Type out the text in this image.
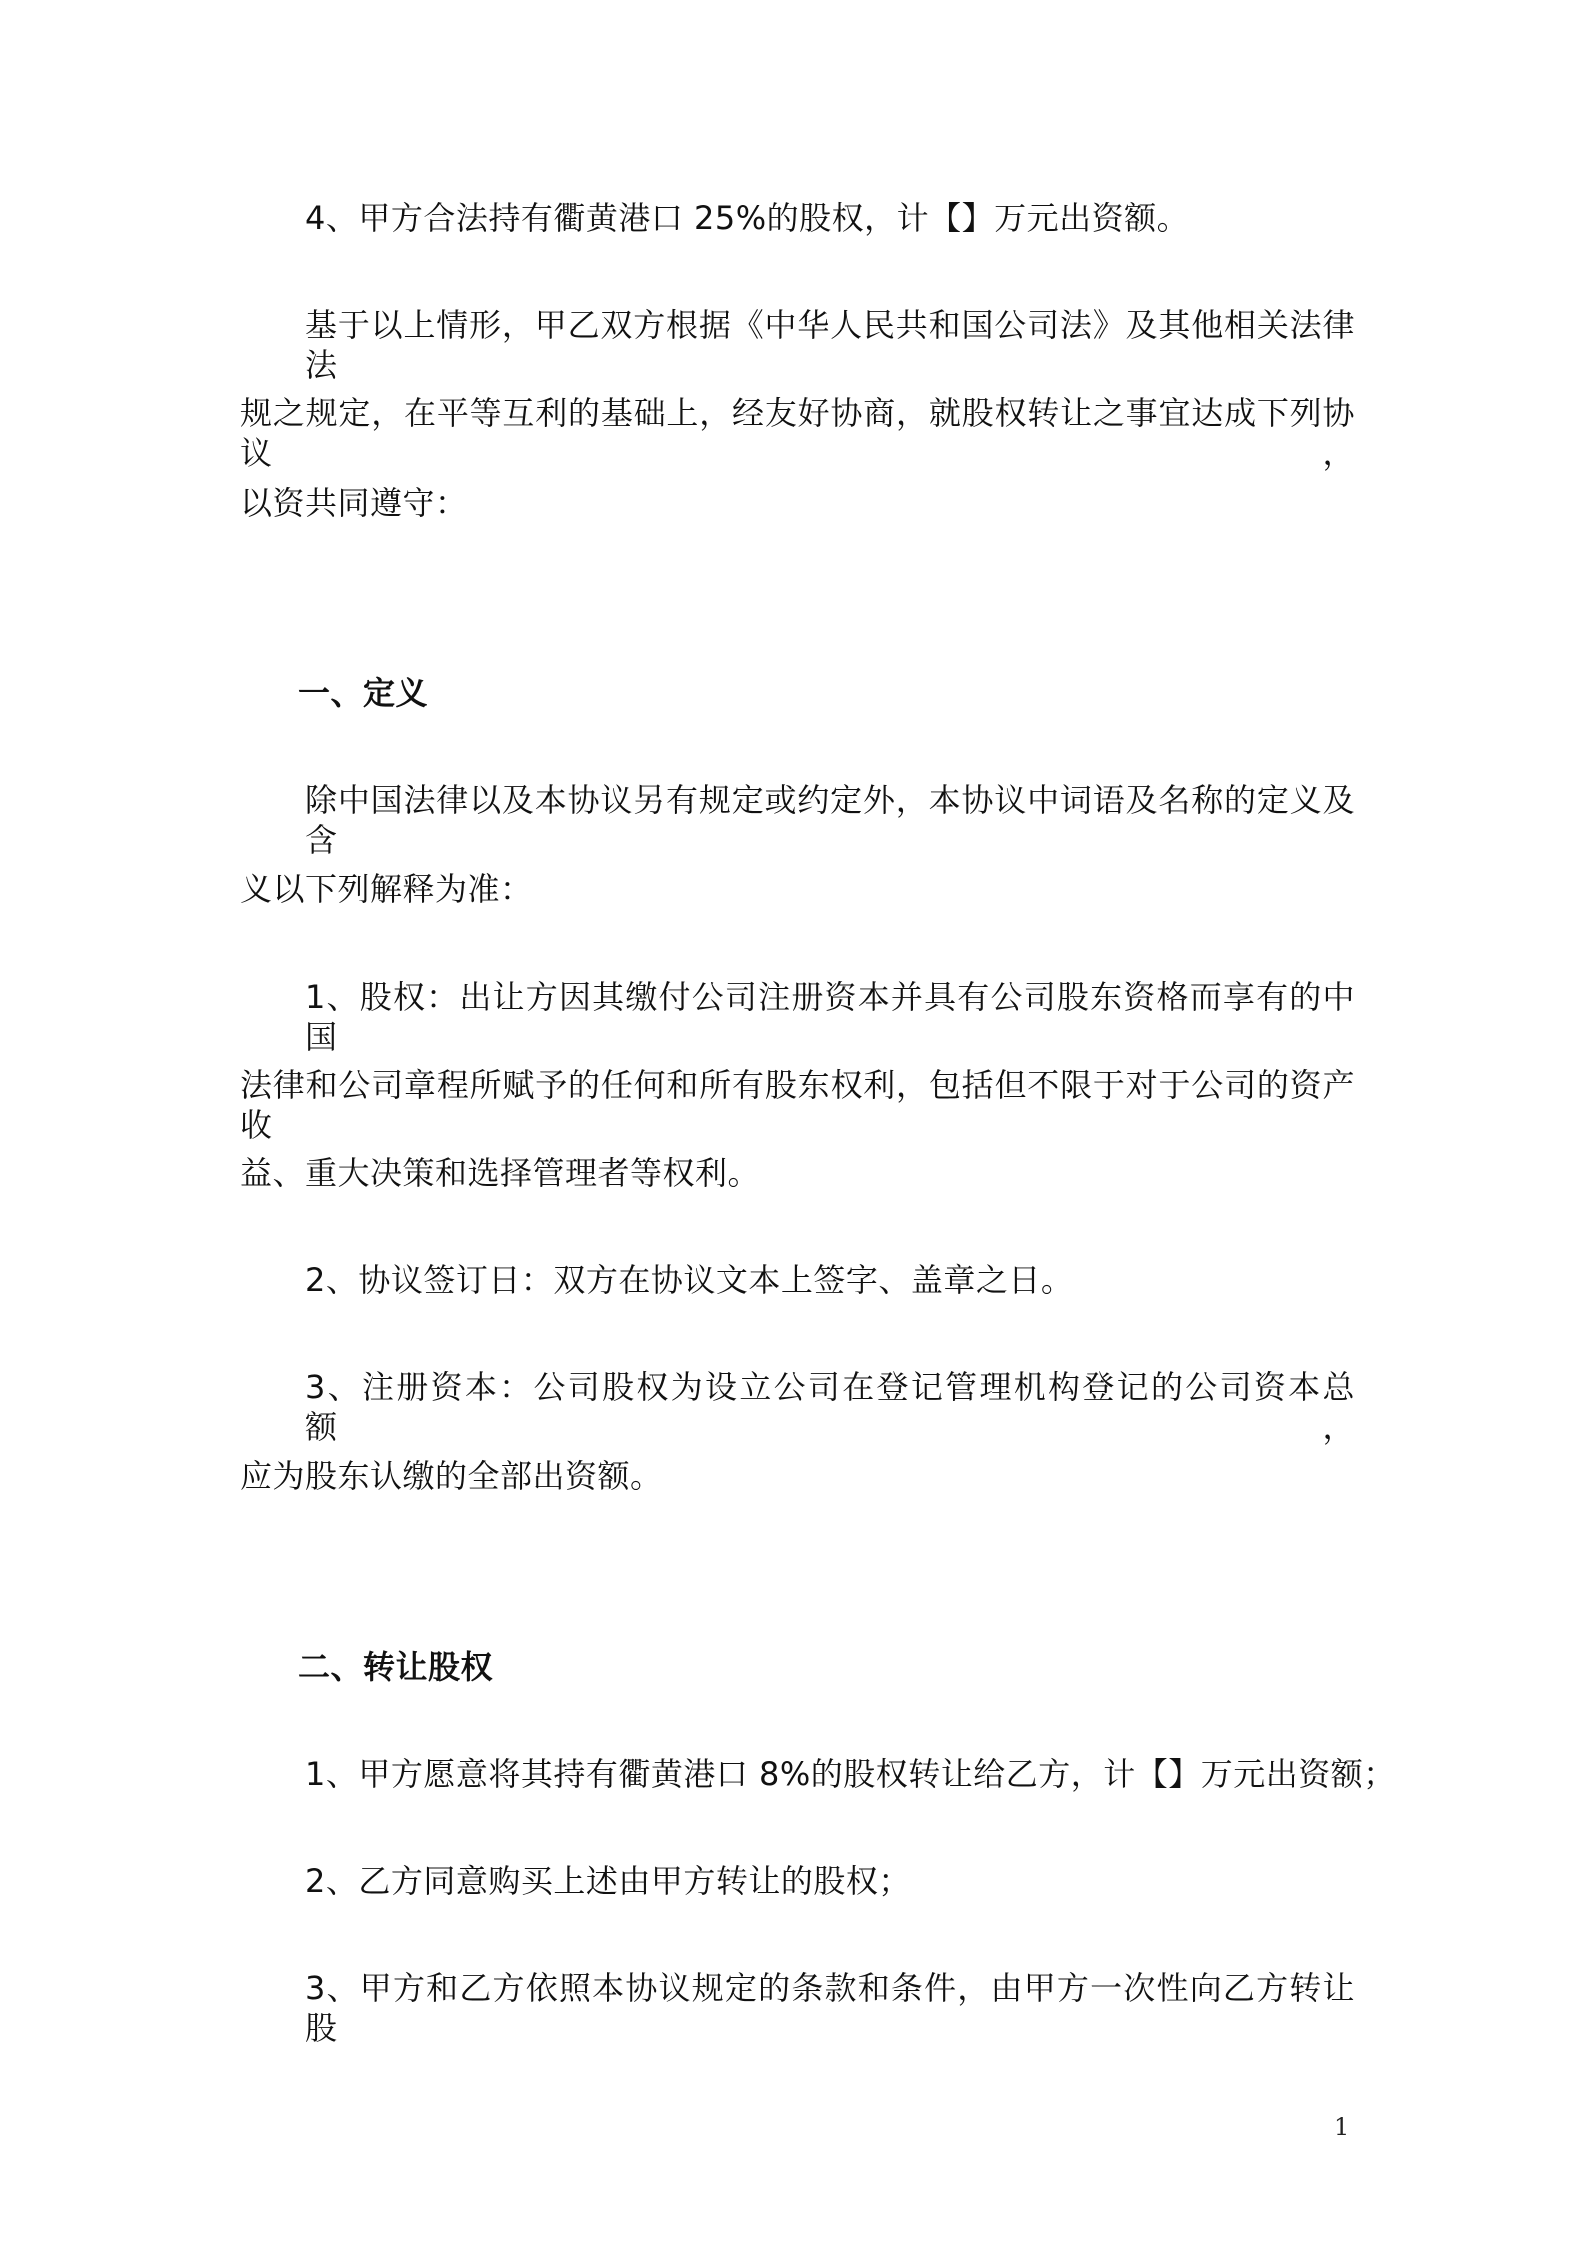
4、甲方合法持有衢黄港口 25%的股权，计【】万元出资额。
基于以上情形，甲乙双方根据《中华人民共和国公司法》及其他相关法律法
规之规定，在平等互利的基础上，经友好协商，就股权转让之事宜达成下列协议，
以资共同遵守：
一、定义
除中国法律以及本协议另有规定或约定外，本协议中词语及名称的定义及含
义以下列解释为准：
1、股权：出让方因其缴付公司注册资本并具有公司股东资格而享有的中国
法律和公司章程所赋予的任何和所有股东权利，包括但不限于对于公司的资产收
益、重大决策和选择管理者等权利。
2、协议签订日：双方在协议文本上签字、盖章之日。
3、注册资本：公司股权为设立公司在登记管理机构登记的公司资本总额，
应为股东认缴的全部出资额。
二、转让股权
1、甲方愿意将其持有衢黄港口 8%的股权转让给乙方，计【】万元出资额；
2、乙方同意购买上述由甲方转让的股权；
3、甲方和乙方依照本协议规定的条款和条件，由甲方一次性向乙方转让股
1
